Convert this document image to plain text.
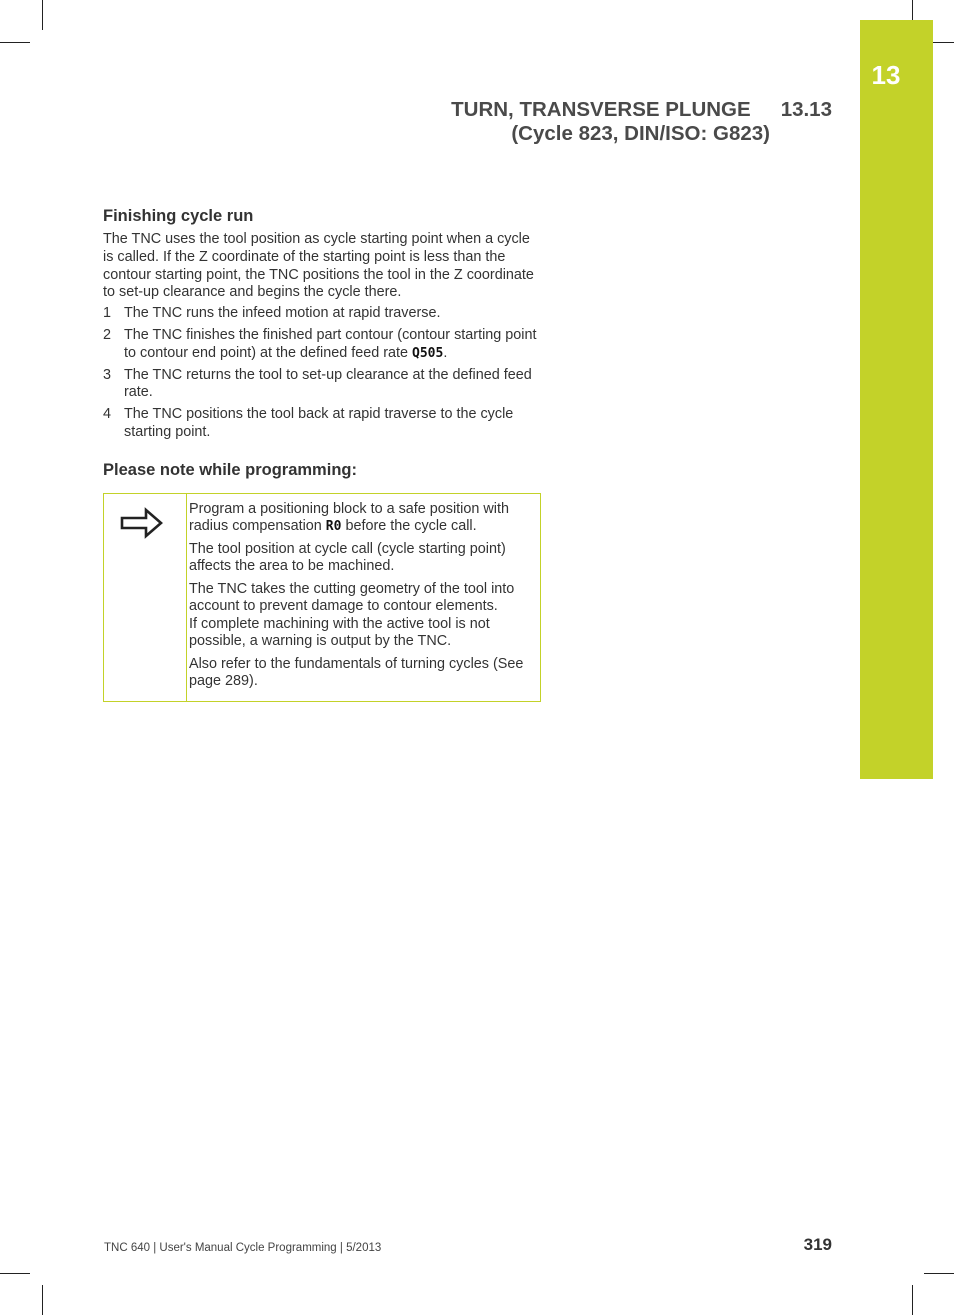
13
TURN, TRANSVERSE PLUNGE 13.13
(Cycle 823, DIN/ISO: G823)
Finishing cycle run

The TNC uses the tool position as cycle starting point when a cycle is called. If the Z coordinate of the starting point is less than the contour starting point, the TNC positions the tool in the Z coordinate to set-up clearance and begins the cycle there.

1 The TNC runs the infeed motion at rapid traverse.
2 The TNC finishes the finished part contour (contour starting point to contour end point) at the defined feed rate Q505.
3 The TNC returns the tool to set-up clearance at the defined feed rate.
4 The TNC positions the tool back at rapid traverse to the cycle starting point.
Please note while programming:

Program a positioning block to a safe position with radius compensation R0 before the cycle call.

The tool position at cycle call (cycle starting point) affects the area to be machined.

The TNC takes the cutting geometry of the tool into account to prevent damage to contour elements.
If complete machining with the active tool is not possible, a warning is output by the TNC.

Also refer to the fundamentals of turning cycles (See page 289).

TNC 640 | User's Manual Cycle Programming | 5/2013	319
